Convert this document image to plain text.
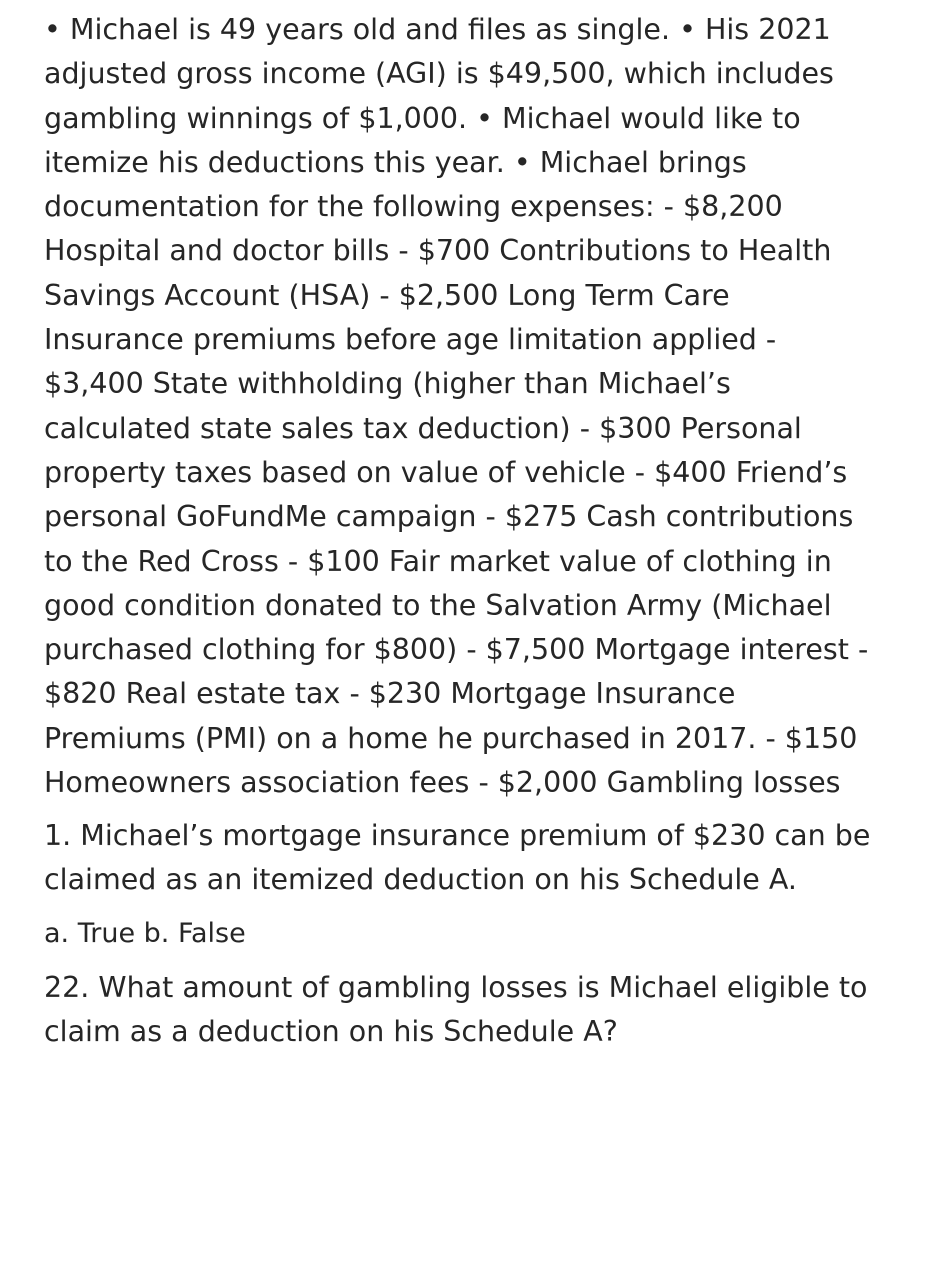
• Michael is 49 years old and files as single. • His 2021 adjusted gross income (AGI) is $49,500, which includes gambling winnings of $1,000. • Michael would like to itemize his deductions this year. • Michael brings documentation for the following expenses: - $8,200 Hospital and doctor bills - $700 Contributions to Health Savings Account (HSA) - $2,500 Long Term Care Insurance premiums before age limitation applied - $3,400 State withholding (higher than Michael’s calculated state sales tax deduction) - $300 Personal property taxes based on value of vehicle - $400 Friend’s personal GoFundMe campaign - $275 Cash contributions to the Red Cross - $100 Fair market value of clothing in good condition donated to the Salvation Army (Michael purchased clothing for $800) - $7,500 Mortgage interest - $820 Real estate tax - $230 Mortgage Insurance Premiums (PMI) on a home he purchased in 2017. - $150 Homeowners association fees - $2,000 Gambling losses

1. Michael’s mortgage insurance premium of $230 can be claimed as an itemized deduction on his Schedule A.

a. True b. False

22. What amount of gambling losses is Michael eligible to claim as a deduction on his Schedule A?
